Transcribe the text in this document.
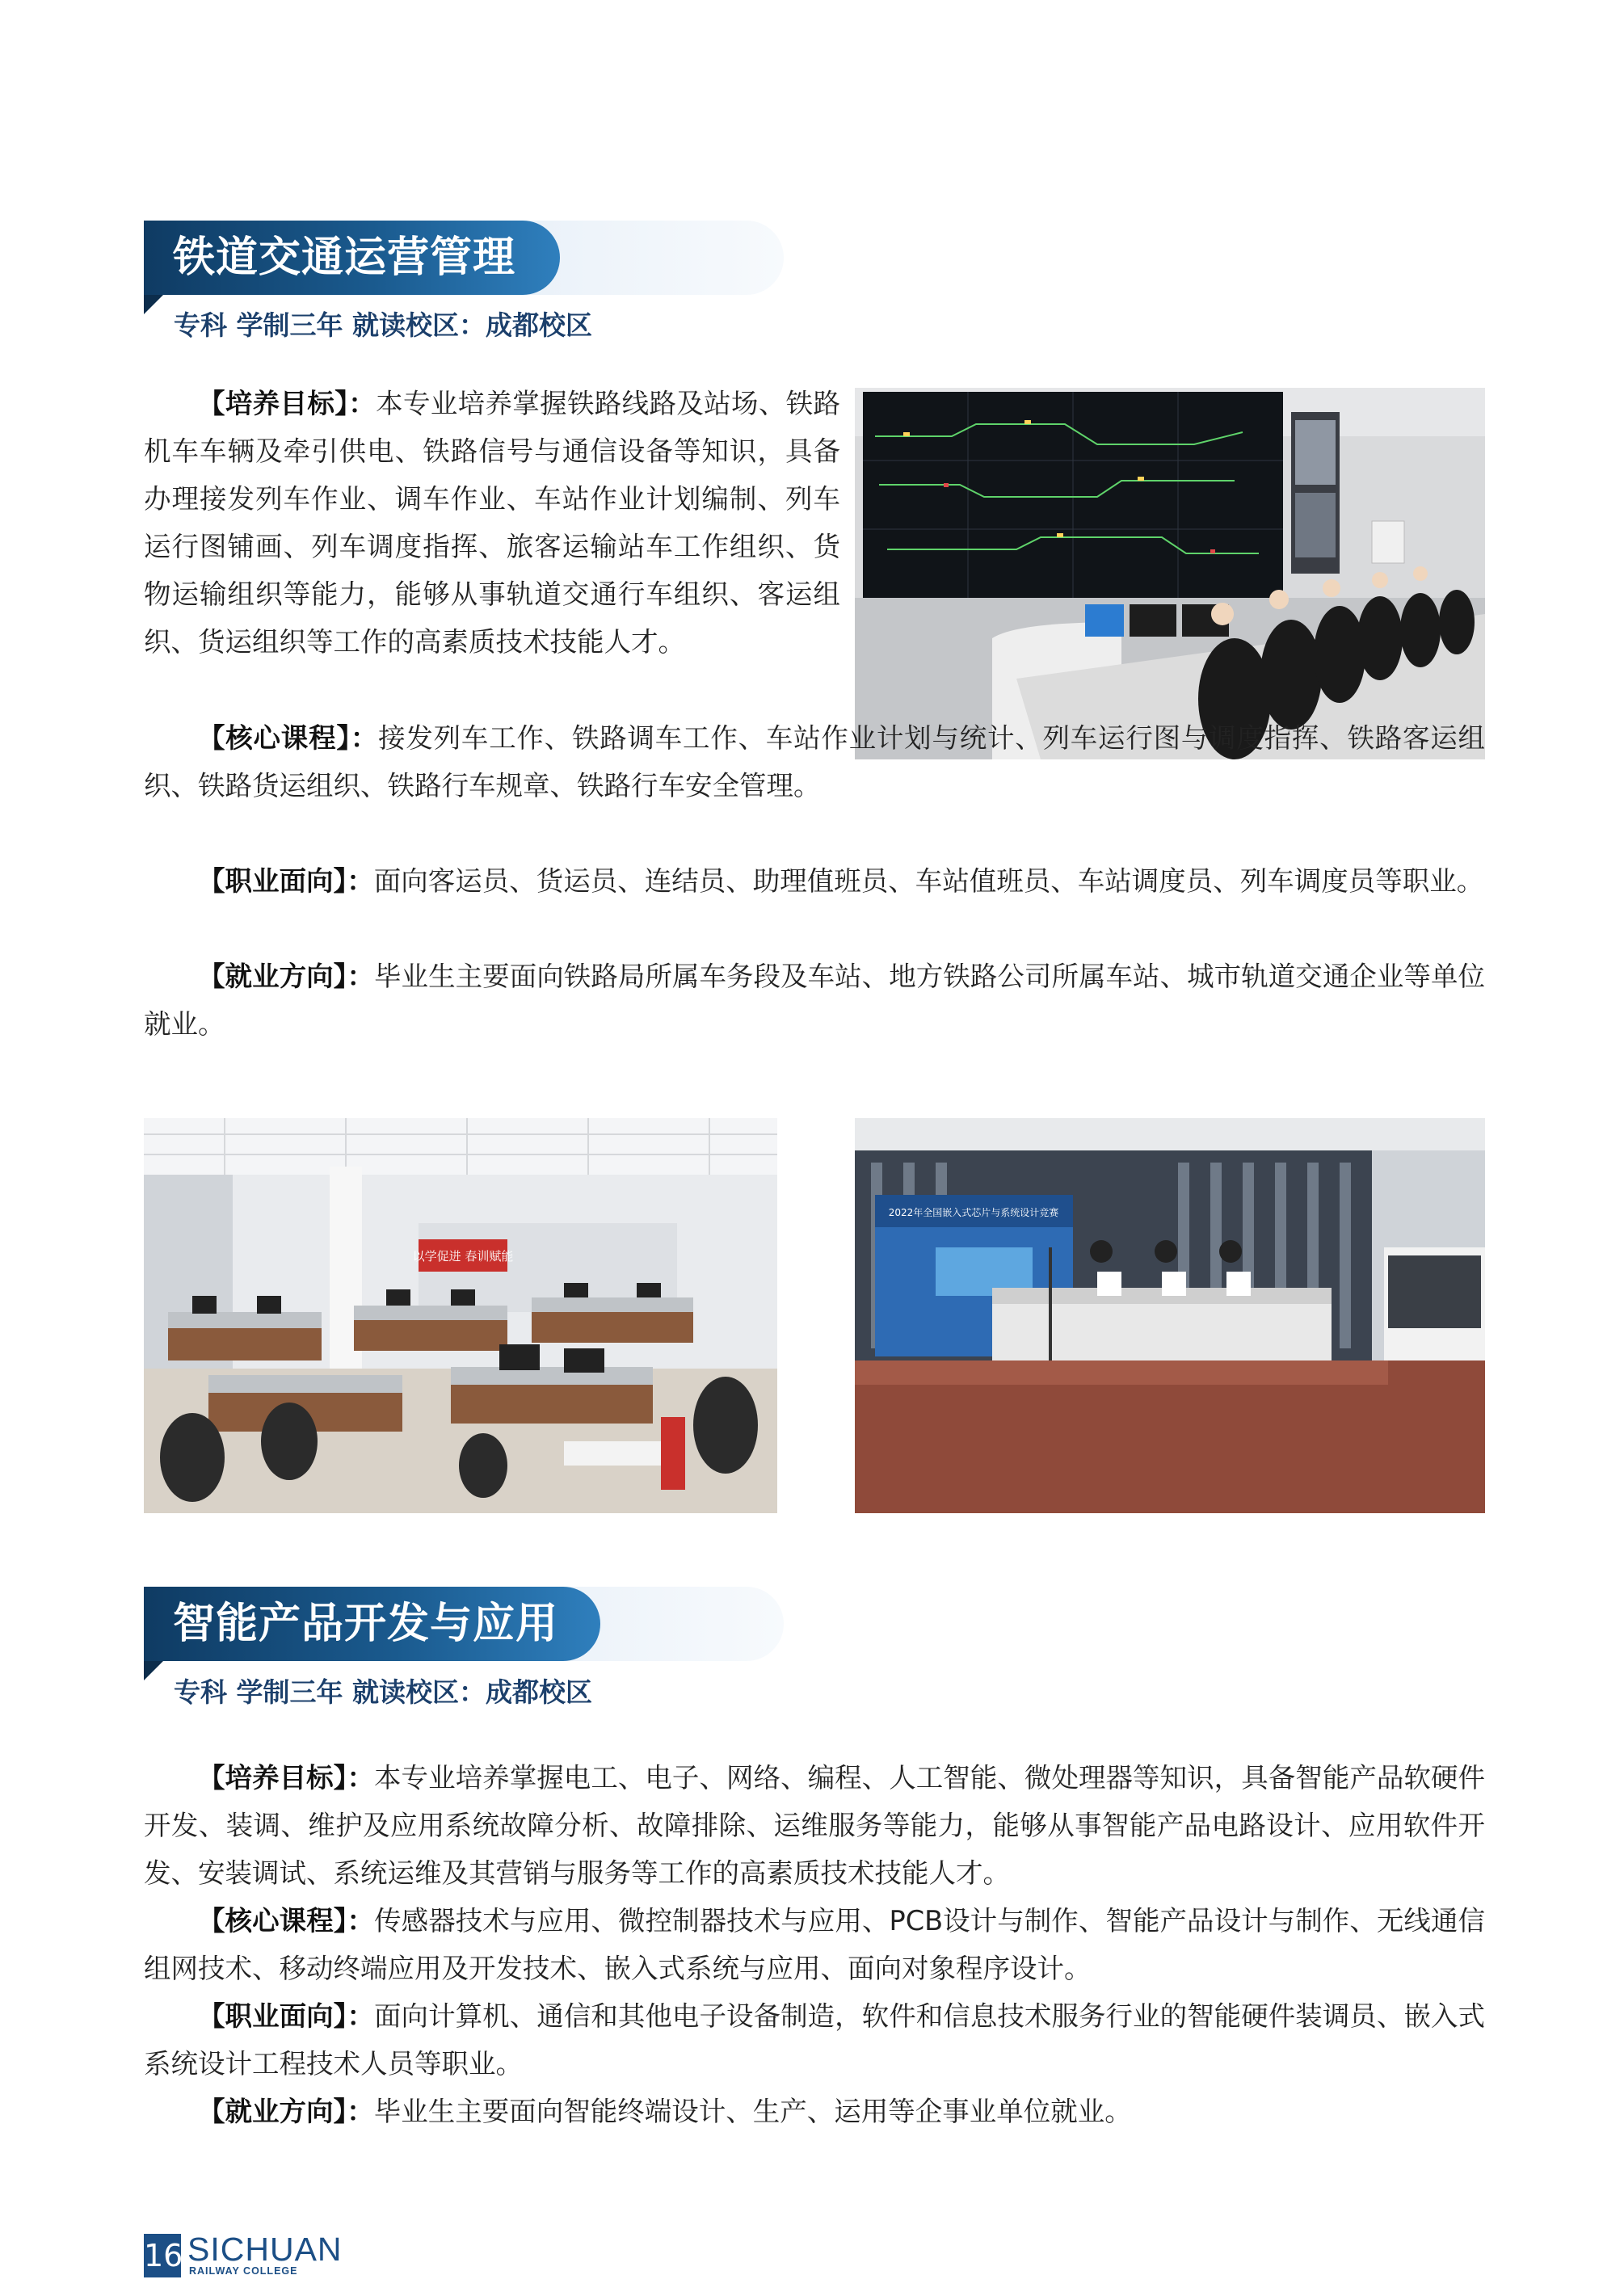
铁道交通运营管理
专科 学制三年 就读校区：成都校区

【培养目标】：本专业培养掌握铁路线路及站场、铁路机车车辆及牵引供电、铁路信号与通信设备等知识，具备办理接发列车作业、调车作业、车站作业计划编制、列车运行图铺画、列车调度指挥、旅客运输站车工作组织、货物运输组织等能力，能够从事轨道交通行车组织、客运组织、货运组织等工作的高素质技术技能人才。

【核心课程】：接发列车工作、铁路调车工作、车站作业计划与统计、列车运行图与调度指挥、铁路客运组织、铁路货运组织、铁路行车规章、铁路行车安全管理。

【职业面向】：面向客运员、货运员、连结员、助理值班员、车站值班员、车站调度员、列车调度员等职业。

【就业方向】：毕业生主要面向铁路局所属车务段及车站、地方铁路公司所属车站、城市轨道交通企业等单位就业。

以学促进 春训赋能
2022年全国嵌入式芯片与系统设计竞赛
智能产品开发与应用
专科 学制三年 就读校区：成都校区

【培养目标】：本专业培养掌握电工、电子、网络、编程、人工智能、微处理器等知识，具备智能产品软硬件开发、装调、维护及应用系统故障分析、故障排除、运维服务等能力，能够从事智能产品电路设计、应用软件开发、安装调试、系统运维及其营销与服务等工作的高素质技术技能人才。

【核心课程】：传感器技术与应用、微控制器技术与应用、PCB设计与制作、智能产品设计与制作、无线通信组网技术、移动终端应用及开发技术、嵌入式系统与应用、面向对象程序设计。

【职业面向】：面向计算机、通信和其他电子设备制造，软件和信息技术服务行业的智能硬件装调员、嵌入式系统设计工程技术人员等职业。

【就业方向】：毕业生主要面向智能终端设计、生产、运用等企事业单位就业。

16 SICHUAN
RAILWAY COLLEGE
